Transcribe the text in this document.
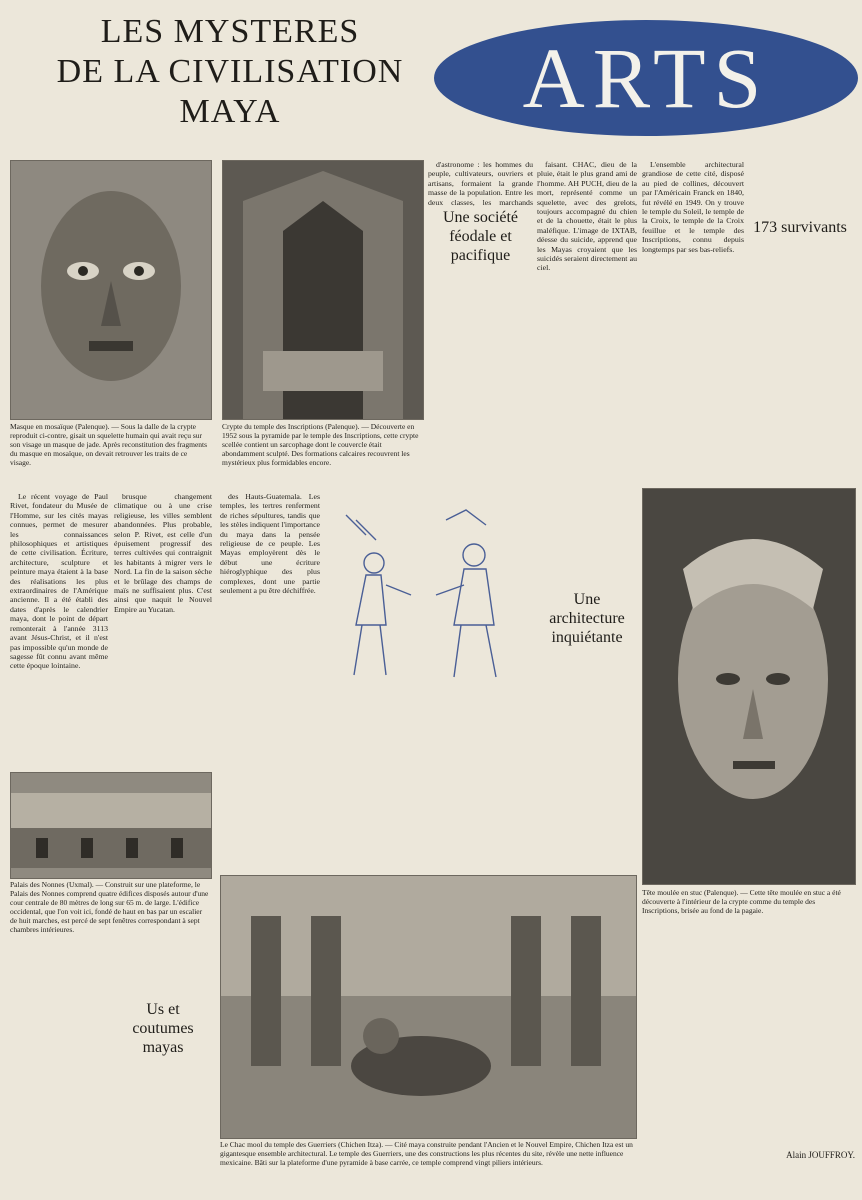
LES MYSTERES
DE LA CIVILISATION
MAYA	ARTS
Masque en mosaïque (Palenque). — Sous la dalle de la crypte reproduit ci-contre, gisait un squelette humain qui avait reçu sur son visage un masque de jade. Après reconstitution des fragments du masque en mosaïque, on devait retrouver les traits de ce visage.
Crypte du temple des Inscriptions (Palenque). — Découverte en 1952 sous la pyramide par le temple des Inscriptions, cette crypte scellée contient un sarcophage dont le couvercle était abondamment sculpté. Des formations calcaires recouvrent les mystérieux plus formidables encore.

Le récent voyage de Paul Rivet, fondateur du Musée de l'Homme, sur les cités mayas connues, permet de mesurer les connaissances philosophiques et artistiques de cette civilisation. Écriture, architecture, sculpture et peinture maya étaient à la base des réalisations les plus extraordinaires de l'Amérique ancienne. Il a été établi des dates d'après le calendrier maya, dont le point de départ remonterait à l'année 3113 avant Jésus-Christ, et il n'est pas impossible qu'un monde de sagesse fût connu avant même cette époque lointaine.

brusque changement climatique ou à une crise religieuse, les villes semblent abandonnées. Plus probable, selon P. Rivet, est celle d'un épuisement progressif des terres cultivées qui contraignit les habitants à migrer vers le Nord. La fin de la saison sèche et le brûlage des champs de maïs ne suffisaient plus. C'est ainsi que naquit le Nouvel Empire au Yucatan.

des Hauts-Guatemala. Les temples, les tertres renferment de riches sépultures, tandis que les stèles indiquent l'importance du maya dans la pensée religieuse de ce peuple. Les Mayas employèrent dès le début une écriture hiéroglyphique des plus complexes, dont une partie seulement a pu être déchiffrée.

d'astronome : les hommes du peuple, cultivateurs, ouvriers et artisans, formaient la grande masse de la population. Entre les deux classes, les marchands

Une société féodale et pacifique

faisant. CHAC, dieu de la pluie, était le plus grand ami de l'homme. AH PUCH, dieu de la mort, représenté comme un squelette, avec des grelots, toujours accompagné du chien et de la chouette, était le plus maléfique. L'image de IXTAB, déesse du suicide, apprend que les Mayas croyaient que les suicidés seraient directement au ciel.

Une architecture inquiétante

L'ensemble architectural grandiose de cette cité, disposé au pied de collines, découvert par l'Américain Franck en 1840, fut révélé en 1949. On y trouve le temple du Soleil, le temple de la Croix, le temple de la Croix feuillue et le temple des Inscriptions, connu depuis longtemps par ses bas-reliefs.

173 survivants
Tête moulée en stuc (Palenque). — Cette tête moulée en stuc a été découverte à l'intérieur de la crypte comme du temple des Inscriptions, brisée au fond de la pagaie.
Palais des Nonnes (Uxmal). — Construit sur une plateforme, le Palais des Nonnes comprend quatre édifices disposés autour d'une cour centrale de 80 mètres de long sur 65 m. de large. L'édifice occidental, que l'on voit ici, fondé de haut en bas par un escalier de huit marches, est percé de sept fenêtres correspondant à sept chambres intérieures.
Us et coutumes mayas
Le Chac mool du temple des Guerriers (Chichen Itza). — Cité maya construite pendant l'Ancien et le Nouvel Empire, Chichen Itza est un gigantesque ensemble architectural. Le temple des Guerriers, une des constructions les plus récentes du site, révèle une nette influence mexicaine. Bâti sur la plateforme d'une pyramide à base carrée, ce temple comprend vingt piliers intérieurs.
Alain JOUFFROY.
